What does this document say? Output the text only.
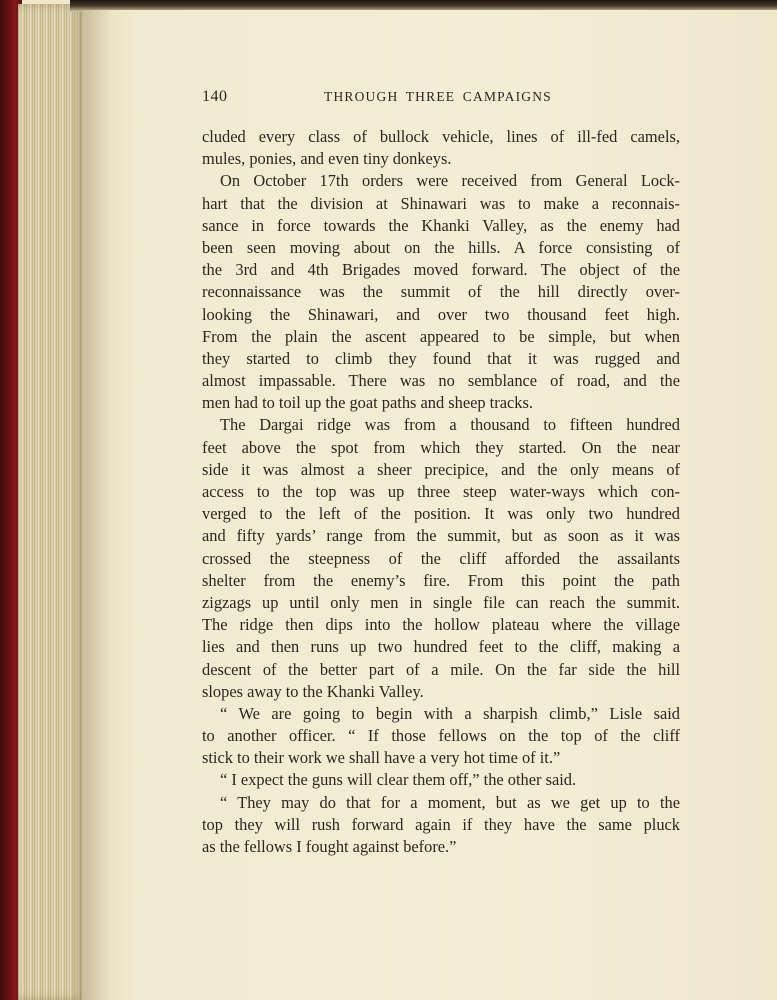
140	THROUGH THREE CAMPAIGNS
cluded every class of bullock vehicle, lines of ill-fed camels,
mules, ponies, and even tiny donkeys.
On October 17th orders were received from General Lock-
hart that the division at Shinawari was to make a reconnais-
sance in force towards the Khanki Valley, as the enemy had
been seen moving about on the hills. A force consisting of
the 3rd and 4th Brigades moved forward. The object of the
reconnaissance was the summit of the hill directly over-
looking the Shinawari, and over two thousand feet high.
From the plain the ascent appeared to be simple, but when
they started to climb they found that it was rugged and
almost impassable. There was no semblance of road, and the
men had to toil up the goat paths and sheep tracks.
The Dargai ridge was from a thousand to fifteen hundred
feet above the spot from which they started. On the near
side it was almost a sheer precipice, and the only means of
access to the top was up three steep water-ways which con-
verged to the left of the position. It was only two hundred
and fifty yards’ range from the summit, but as soon as it was
crossed the steepness of the cliff afforded the assailants
shelter from the enemy’s fire. From this point the path
zigzags up until only men in single file can reach the summit.
The ridge then dips into the hollow plateau where the village
lies and then runs up two hundred feet to the cliff, making a
descent of the better part of a mile. On the far side the hill
slopes away to the Khanki Valley.
“ We are going to begin with a sharpish climb,” Lisle said
to another officer. “ If those fellows on the top of the cliff
stick to their work we shall have a very hot time of it.”
“ I expect the guns will clear them off,” the other said.
“ They may do that for a moment, but as we get up to the
top they will rush forward again if they have the same pluck
as the fellows I fought against before.”
